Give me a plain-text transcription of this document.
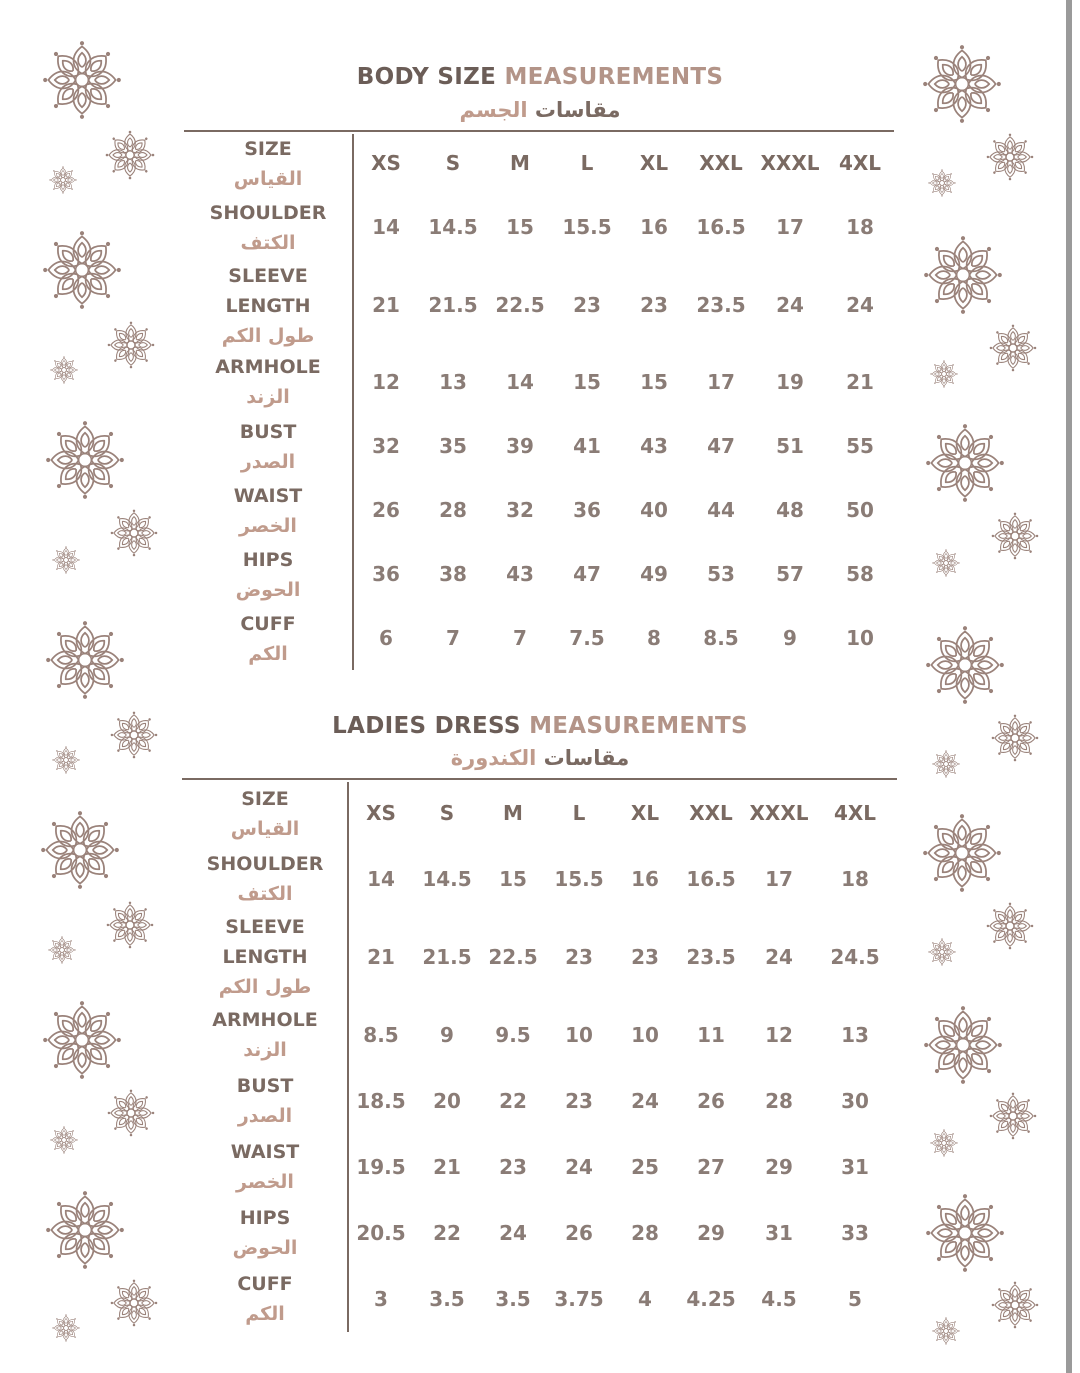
BODY SIZE MEASUREMENTS
مقاسات الجسم
SIZE
القياس
XS	S	M	L	XL	XXL XXXL 4XL
SHOULDER
الكتف
14	14.5	15	15.5	16	16.5	17	18
SLEEVE
LENGTH
طول الكم
21	21.5 22.5	23	23	23.5	24	24
ARMHOLE
الزند
12	13	14	15	15	17	19	21
BUST
الصدر
32	35	39	41	43	47	51	55
WAIST
الخصر
26	28	32	36	40	44	48	50
HIPS
الحوض
36	38	43	47	49	53	57	58
CUFF
الكم
6	7	7	7.5	8	8.5	9	10
LADIES DRESS MEASUREMENTS
مقاسات الكندورة
SIZE
القياس
XS	S	M	L	XL	XXL XXXL	4XL
SHOULDER
الكتف
14	14.5	15	15.5	16	16.5	17	18
SLEEVE
LENGTH
طول الكم
21	21.5 22.5	23	23	23.5	24	24.5
ARMHOLE
الزند
8.5	9	9.5	10	10	11	12	13
BUST
الصدر
18.5	20	22	23	24	26	28	30
WAIST
الخصر
19.5	21	23	24	25	27	29	31
HIPS
الحوض
20.5	22	24	26	28	29	31	33
CUFF
الكم
3	3.5	3.5	3.75	4	4.25	4.5	5
